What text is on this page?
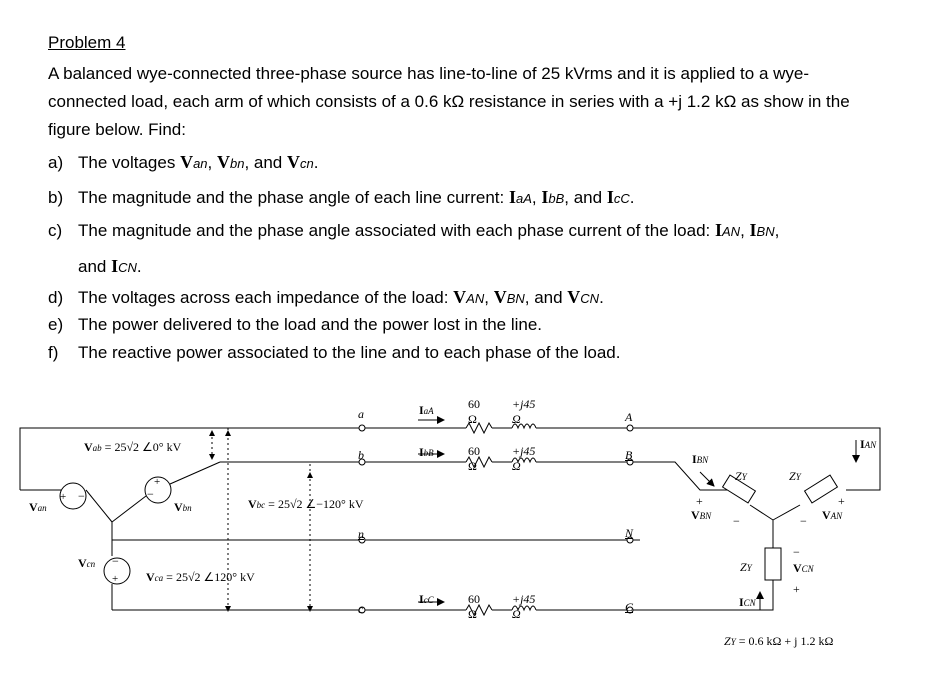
Problem 4
A balanced wye-connected three-phase source has line-to-line of 25 kVrms and it is applied to a wye-connected load, each arm of which consists of a 0.6 kΩ resistance in series with a +j 1.2 kΩ as show in the figure below. Find:
a) The voltages Van, Vbn, and Vcn.
b) The magnitude and the phase angle of each line current: IaA, IbB, and IcC.
c) The magnitude and the phase angle associated with each phase current of the load: IAN, IBN,
and ICN.
d) The voltages across each impedance of the load: VAN, VBN, and VCN.
e) The power delivered to the load and the power lost in the line.
f) The reactive power associated to the line and to each phase of the load.
+ −
+
−
−
+
Vab = 25√2 ∠0° kV
Vbc = 25√2 ∠−120° kV
Vca = 25√2 ∠120° kV
Van	Vbn
Vcn
a
b
n
c
A
B
N
C
60 Ω
+j45 Ω
60 Ω
+j45 Ω
60 Ω
+j45 Ω
IaA
IbB
IcC
IAN
IBN
ICN
VBN	VAN
VCN
ZY	ZY
ZY
+
−
+
−
−
+
ZY = 0.6 kΩ + j 1.2 kΩ
